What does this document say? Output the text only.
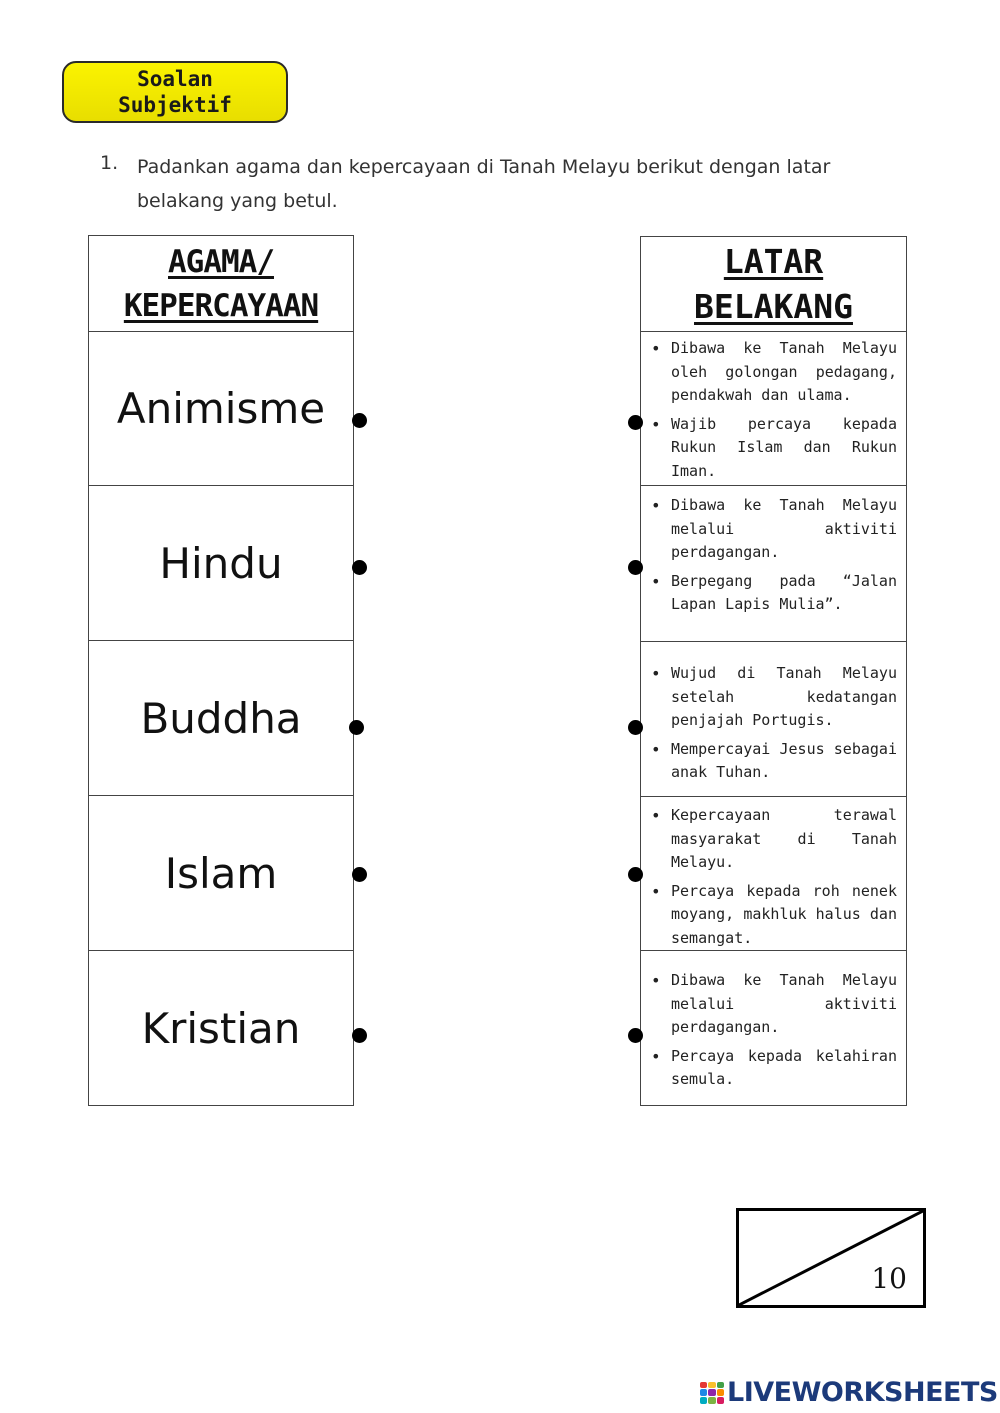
Soalan
Subjektif
1. Padankan agama dan kepercayaan di Tanah Melayu berikut dengan latar belakang yang betul.
AGAMA/
KEPERCAYAAN
Animisme
Hindu
Buddha
Islam
Kristian
LATAR
BELAKANG
• Dibawa ke Tanah Melayu oleh golongan pedagang, pendakwah dan ulama.
• Wajib percaya kepada Rukun Islam dan Rukun Iman.
• Dibawa ke Tanah Melayu melalui aktiviti perdagangan.
• Berpegang pada “Jalan Lapan Lapis Mulia”.
• Wujud di Tanah Melayu setelah kedatangan penjajah Portugis.
• Mempercayai Jesus sebagai anak Tuhan.
• Kepercayaan terawal masyarakat di Tanah Melayu.
• Percaya kepada roh nenek moyang, makhluk halus dan semangat.
• Dibawa ke Tanah Melayu melalui aktiviti perdagangan.
• Percaya kepada kelahiran semula.
10
LIVEWORKSHEETS
